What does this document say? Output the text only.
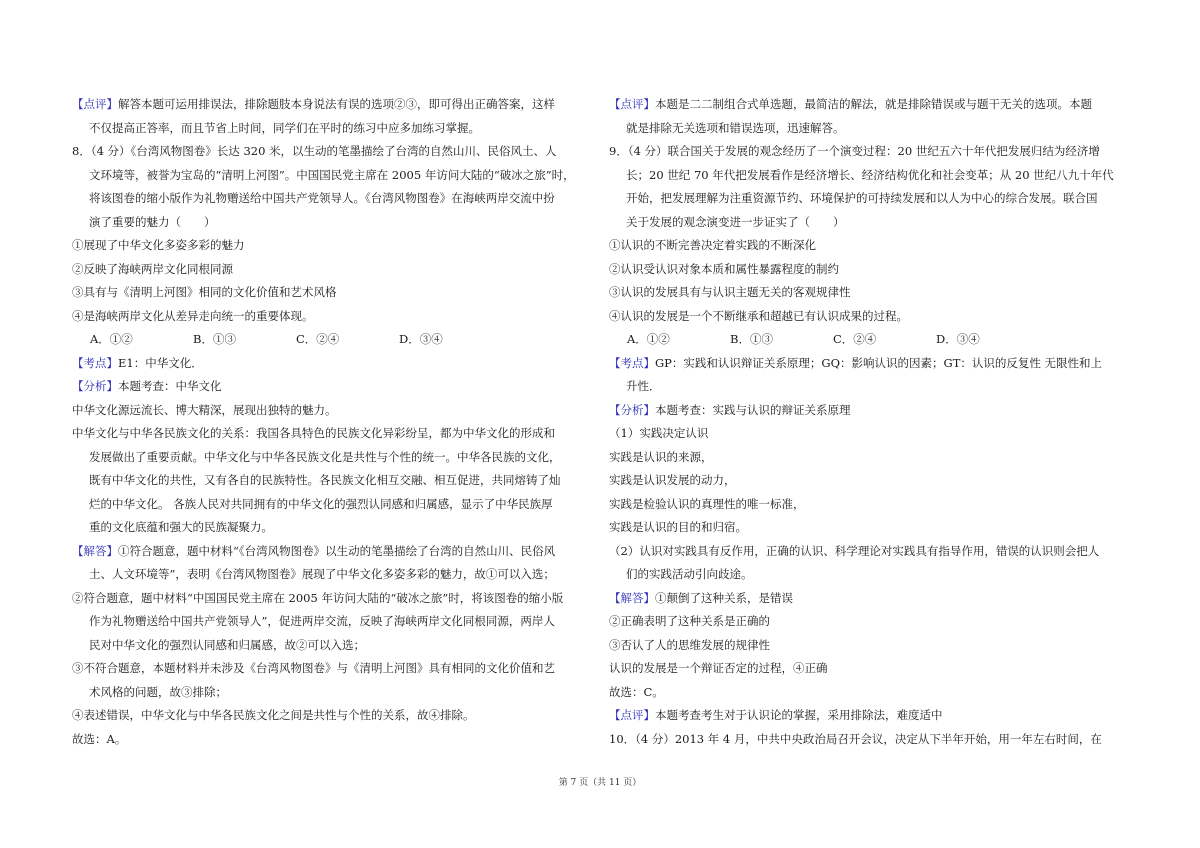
【点评】解答本题可运用排误法，排除题肢本身说法有误的选项②③，即可得出正确答案，这样
不仅提高正答率，而且节省上时间，同学们在平时的练习中应多加练习掌握。
8．（4 分）《台湾风物图卷》长达 320 米，以生动的笔墨描绘了台湾的自然山川、民俗风土、人
文环境等，被誉为宝岛的“清明上河图”。中国国民党主席在 2005 年访问大陆的“破冰之旅”时，
将该图卷的缩小版作为礼物赠送给中国共产党领导人。《台湾风物图卷》在海峡两岸交流中扮
演了重要的魅力（　　）
①展现了中华文化多姿多彩的魅力
②反映了海峡两岸文化同根同源
③具有与《清明上河图》相同的文化价值和艺术风格
④是海峡两岸文化从差异走向统一的重要体现。
A．①②	B．①③	C．②④	D．③④
【考点】E1：中华文化．
【分析】本题考查：中华文化
中华文化源远流长、博大精深，展现出独特的魅力。
中华文化与中华各民族文化的关系：我国各具特色的民族文化异彩纷呈，都为中华文化的形成和
发展做出了重要贡献。中华文化与中华各民族文化是共性与个性的统一。中华各民族的文化，
既有中华文化的共性，又有各自的民族特性。各民族文化相互交融、相互促进，共同熔铸了灿
烂的中华文化。 各族人民对共同拥有的中华文化的强烈认同感和归属感，显示了中华民族厚
重的文化底蕴和强大的民族凝聚力。
【解答】①符合题意，题中材料“《台湾风物图卷》以生动的笔墨描绘了台湾的自然山川、民俗风
土、人文环境等”，表明《台湾风物图卷》展现了中华文化多姿多彩的魅力，故①可以入选；
②符合题意，题中材料“中国国民党主席在 2005 年访问大陆的“破冰之旅”时，将该图卷的缩小版
作为礼物赠送给中国共产党领导人”，促进两岸交流，反映了海峡两岸文化同根同源，两岸人
民对中华文化的强烈认同感和归属感，故②可以入选；
③不符合题意，本题材料并未涉及《台湾风物图卷》与《清明上河图》具有相同的文化价值和艺
术风格的问题，故③排除；
④表述错误，中华文化与中华各民族文化之间是共性与个性的关系，故④排除。
故选：A。
【点评】本题是二二制组合式单选题，最简洁的解法，就是排除错误或与题干无关的选项。本题
就是排除无关选项和错误选项，迅速解答。
9．（4 分）联合国关于发展的观念经历了一个演变过程：20 世纪五六十年代把发展归结为经济增
长；20 世纪 70 年代把发展看作是经济增长、经济结构优化和社会变革；从 20 世纪八九十年代
开始，把发展理解为注重资源节约、环境保护的可持续发展和以人为中心的综合发展。联合国
关于发展的观念演变进一步证实了（　　）
①认识的不断完善决定着实践的不断深化
②认识受认识对象本质和属性暴露程度的制约
③认识的发展具有与认识主题无关的客观规律性
④认识的发展是一个不断继承和超越已有认识成果的过程。
A．①②	B．①③	C．②④	D．③④
【考点】GP：实践和认识辩证关系原理；GQ：影响认识的因素；GT：认识的反复性 无限性和上
升性．
【分析】本题考查：实践与认识的辩证关系原理
（1）实践决定认识
实践是认识的来源，
实践是认识发展的动力，
实践是检验认识的真理性的唯一标准，
实践是认识的目的和归宿。
（2）认识对实践具有反作用，正确的认识、科学理论对实践具有指导作用，错误的认识则会把人
们的实践活动引向歧途。
【解答】①颠倒了这种关系，是错误
②正确表明了这种关系是正确的
③否认了人的思维发展的规律性
认识的发展是一个辩证否定的过程，④正确
故选：C。
【点评】本题考查考生对于认识论的掌握，采用排除法，难度适中
10．（4 分）2013 年 4 月，中共中央政治局召开会议，决定从下半年开始，用一年左右时间，在
第 7 页（共 11 页）
